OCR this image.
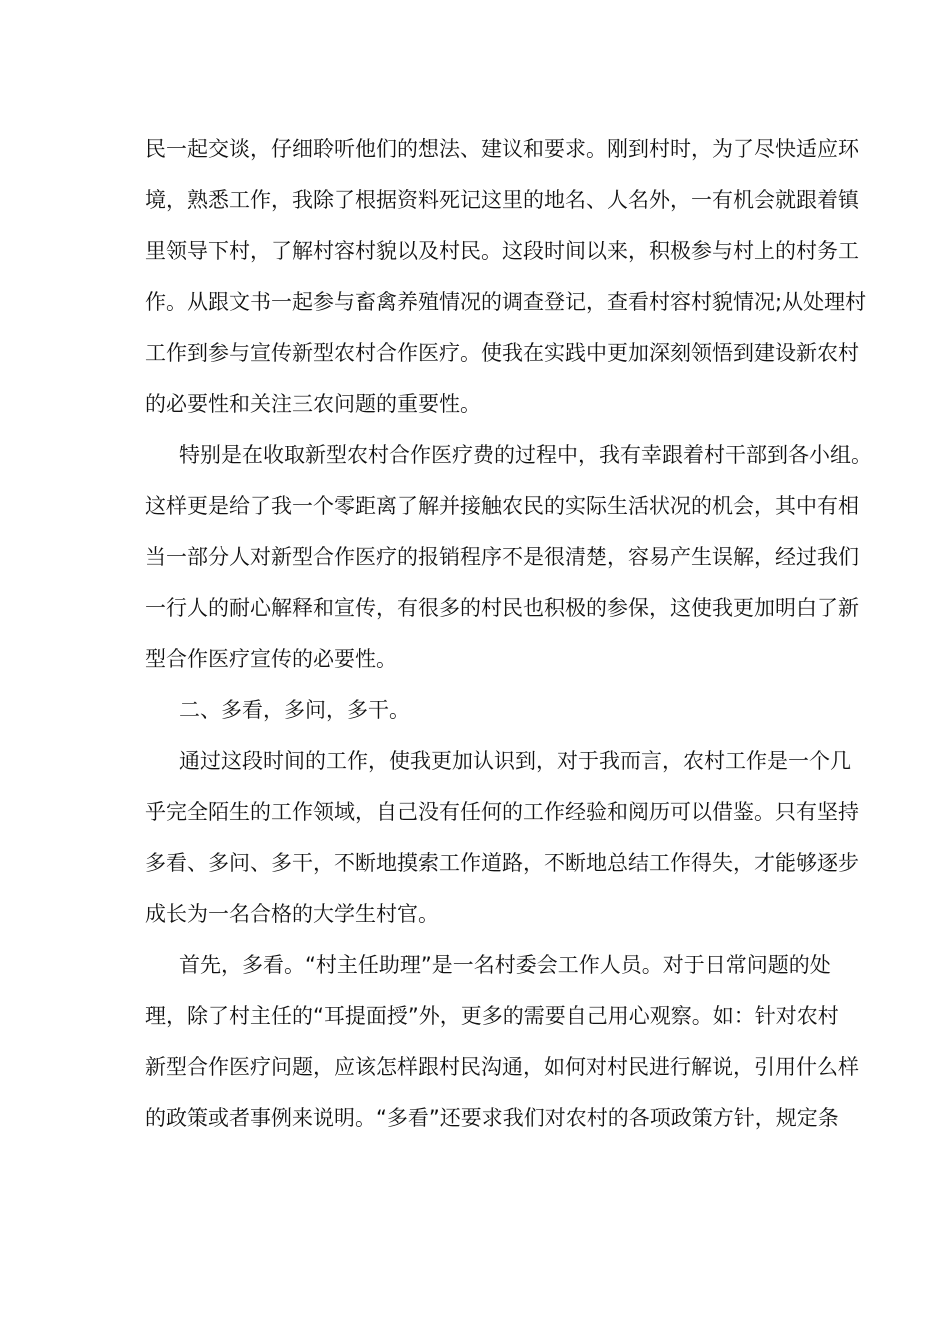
民一起交谈，仔细聆听他们的想法、建议和要求。刚到村时，为了尽快适应环
境，熟悉工作，我除了根据资料死记这里的地名、人名外，一有机会就跟着镇
里领导下村，了解村容村貌以及村民。这段时间以来，积极参与村上的村务工
作。从跟文书一起参与畜禽养殖情况的调查登记，查看村容村貌情况;从处理村
工作到参与宣传新型农村合作医疗。使我在实践中更加深刻领悟到建设新农村
的必要性和关注三农问题的重要性。
特别是在收取新型农村合作医疗费的过程中，我有幸跟着村干部到各小组。
这样更是给了我一个零距离了解并接触农民的实际生活状况的机会，其中有相
当一部分人对新型合作医疗的报销程序不是很清楚，容易产生误解，经过我们
一行人的耐心解释和宣传，有很多的村民也积极的参保，这使我更加明白了新
型合作医疗宣传的必要性。
二、多看，多问，多干。
通过这段时间的工作，使我更加认识到，对于我而言，农村工作是一个几
乎完全陌生的工作领域，自己没有任何的工作经验和阅历可以借鉴。只有坚持
多看、多问、多干，不断地摸索工作道路，不断地总结工作得失，才能够逐步
成长为一名合格的大学生村官。
首先，多看。“村主任助理”是一名村委会工作人员。对于日常问题的处
理，除了村主任的“耳提面授”外，更多的需要自己用心观察。如：针对农村
新型合作医疗问题，应该怎样跟村民沟通，如何对村民进行解说，引用什么样
的政策或者事例来说明。“多看”还要求我们对农村的各项政策方针，规定条
